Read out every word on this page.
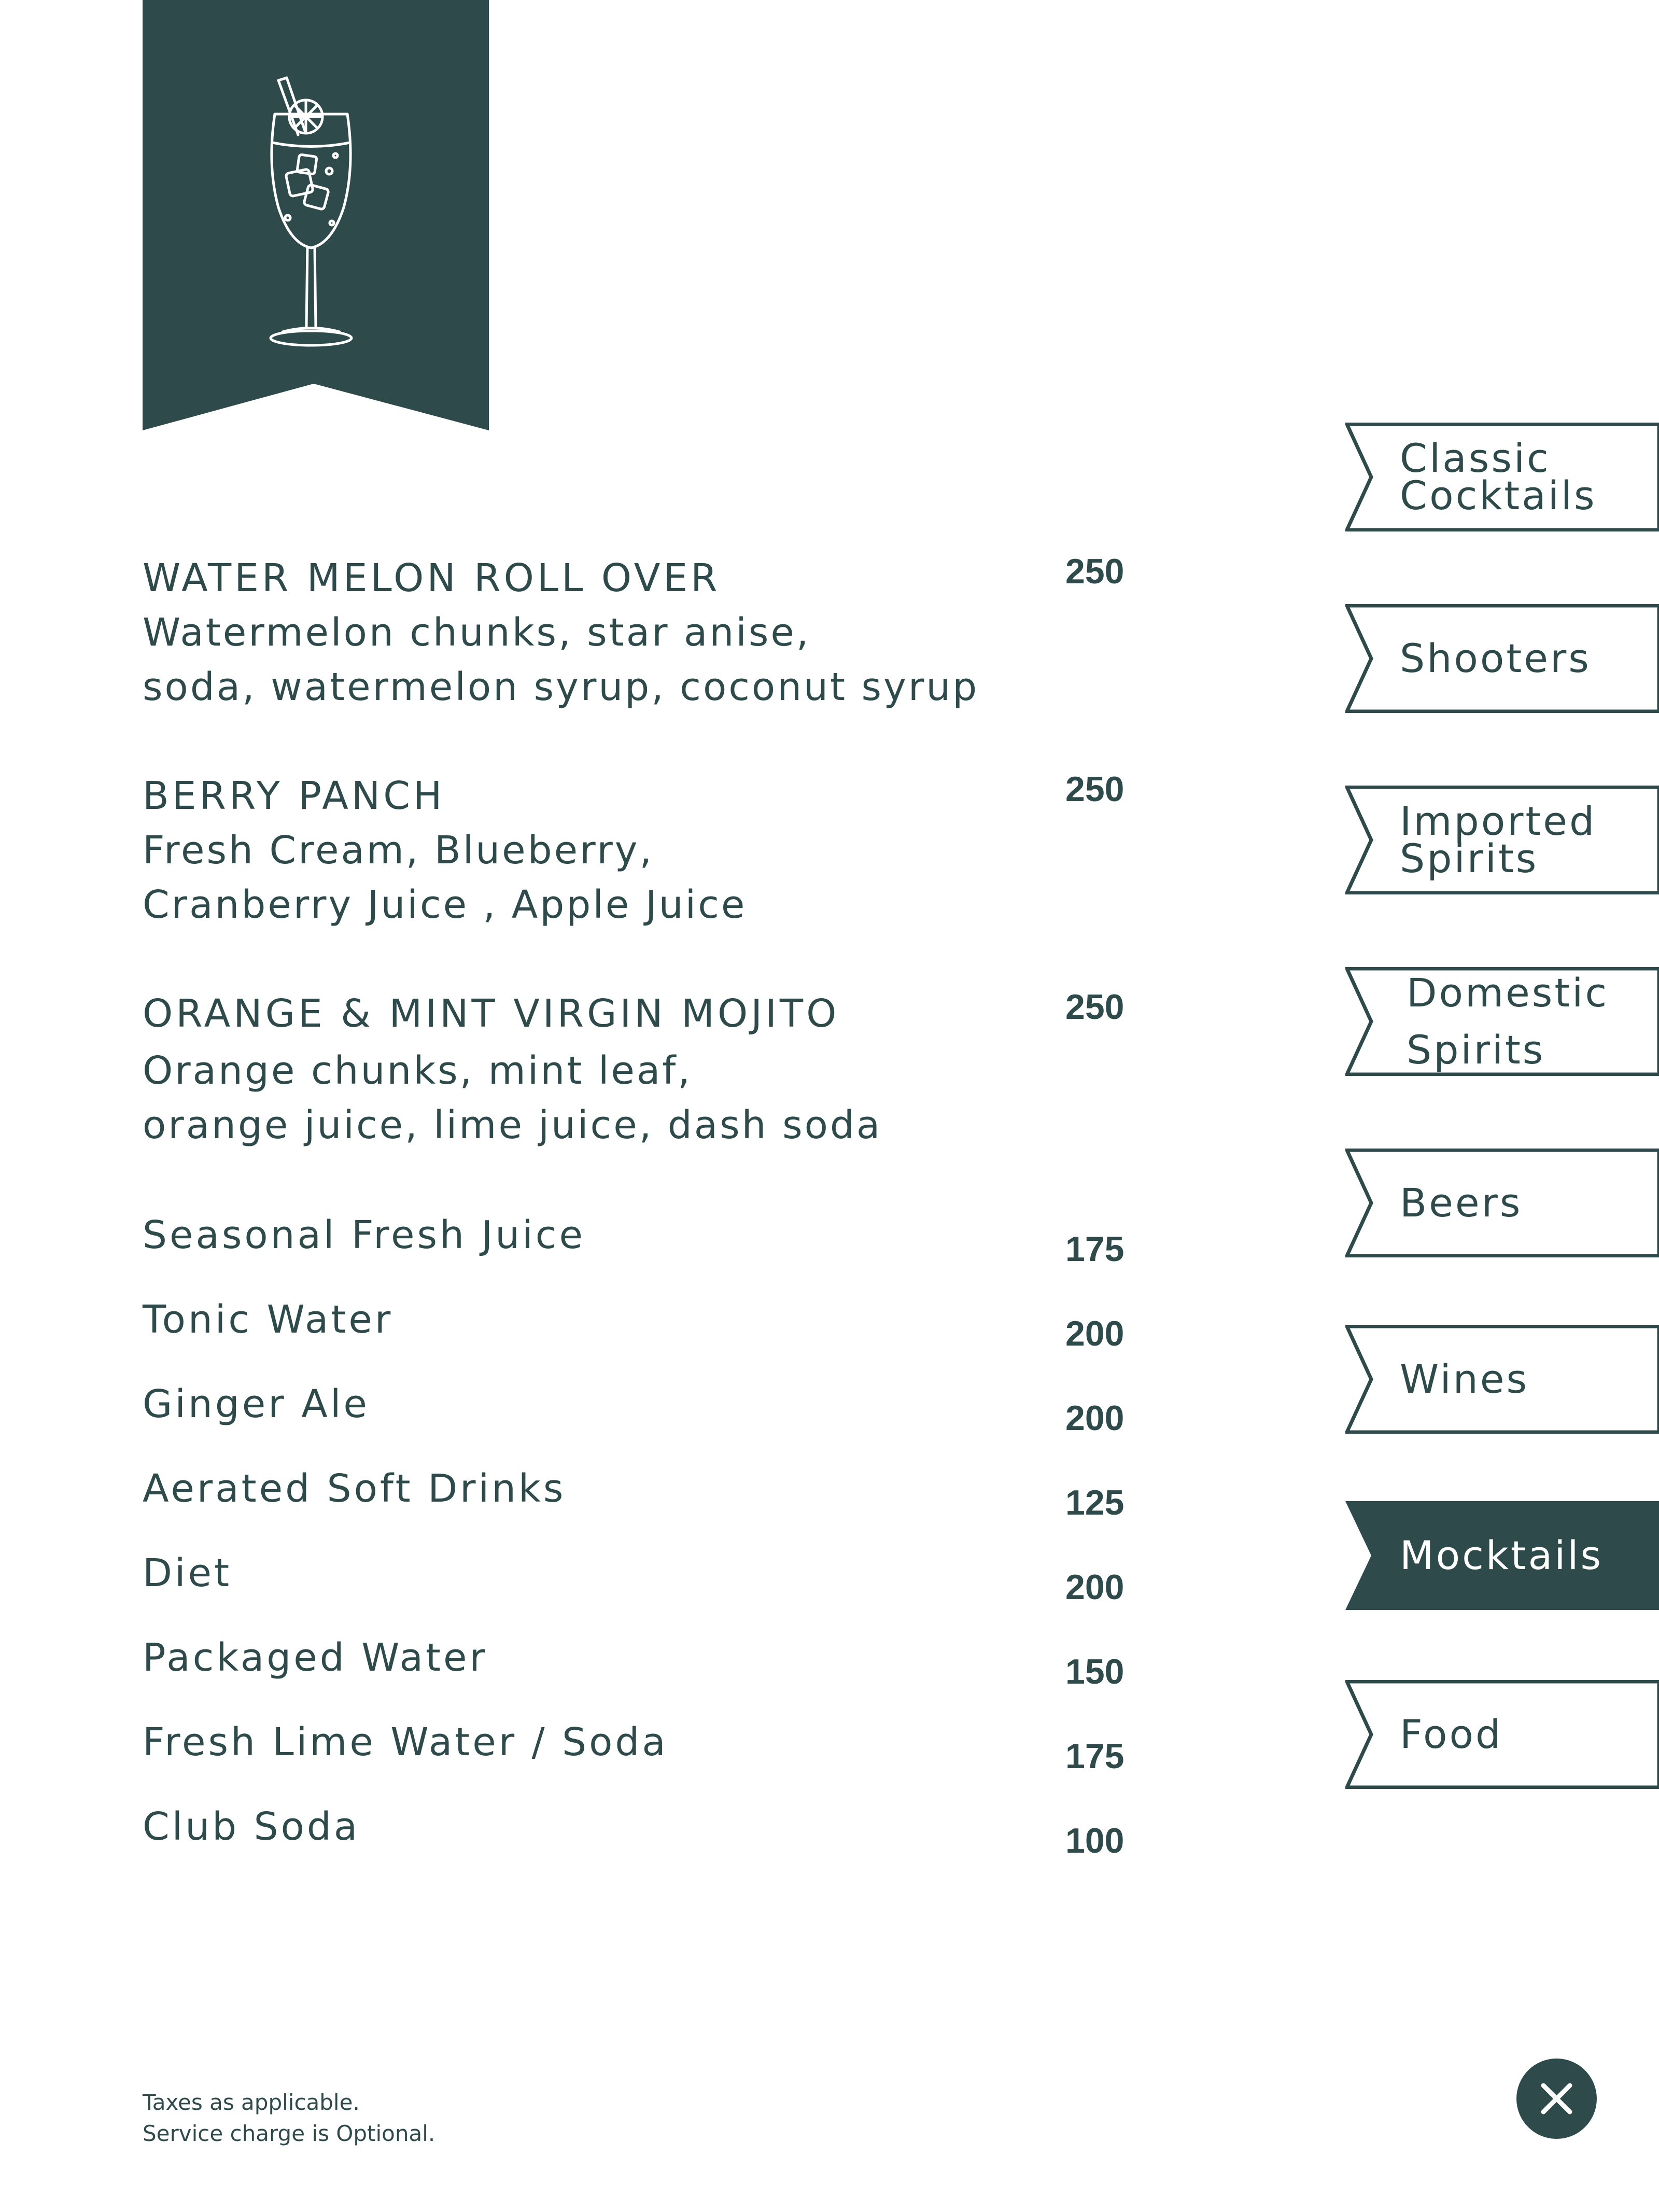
WATER MELON ROLL OVER	250
Watermelon chunks, star anise,
soda, watermelon syrup, coconut syrup
BERRY PANCH	250
Fresh Cream, Blueberry,
Cranberry Juice , Apple Juice
ORANGE & MINT VIRGIN MOJITO	250
Orange chunks, mint leaf,
orange juice, lime juice, dash soda
Seasonal Fresh Juice	175
Tonic Water	200
Ginger Ale	200
Aerated Soft Drinks	125
Diet	200
Packaged Water	150
Fresh Lime Water / Soda	175
Club Soda	100
Classic
Cocktails
Shooters
Imported
Spirits
Domestic
Spirits
Beers
Wines
Mocktails
Food
Taxes as applicable.
Service charge is Optional.
